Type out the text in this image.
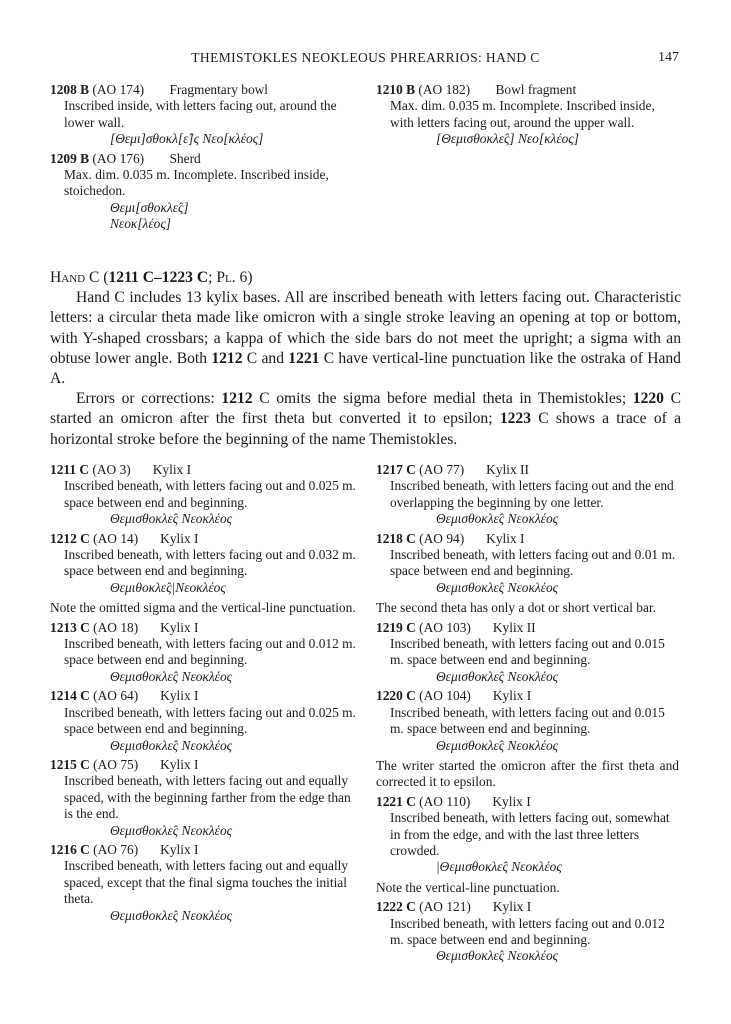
THEMISTOKLES NEOKLEOUS PHREARRIOS: HAND C	147
1208 B (AO 174) Fragmentary bowl
Inscribed inside, with letters facing out, around the lower wall.
[Θεμι]σθοκλ[ε̂]ς Νεο[κλέος]
1209 B (AO 176) Sherd
Max. dim. 0.035 m. Incomplete. Inscribed inside, stoichedon.
Θεμι[σθοκλε̂ς]
Νεοκ[λέος]
1210 B (AO 182) Bowl fragment
Max. dim. 0.035 m. Incomplete. Inscribed inside, with letters facing out, around the upper wall.
[Θεμισθοκλε̂ς] Νεο[κλέος]
Hand C (1211 C–1223 C; Pl. 6)

Hand C includes 13 kylix bases. All are inscribed beneath with letters facing out. Characteristic letters: a circular theta made like omicron with a single stroke leaving an opening at top or bottom, with Y-shaped crossbars; a kappa of which the side bars do not meet the upright; a sigma with an obtuse lower angle. Both 1212 C and 1221 C have vertical-line punctuation like the ostraka of Hand A.

Errors or corrections: 1212 C omits the sigma before medial theta in Themistokles; 1220 C started an omicron after the first theta but converted it to epsilon; 1223 C shows a trace of a horizontal stroke before the beginning of the name Themistokles.

1211 C (AO 3) Kylix I
Inscribed beneath, with letters facing out and 0.025 m. space between end and beginning.
Θεμισθοκλε̂ς Νεοκλέος
1212 C (AO 14) Kylix I
Inscribed beneath, with letters facing out and 0.032 m. space between end and beginning.
Θεμιθοκλε̂ς|Νεοκλέος
Note the omitted sigma and the vertical-line punctuation.
1213 C (AO 18) Kylix I
Inscribed beneath, with letters facing out and 0.012 m. space between end and beginning.
Θεμισθοκλε̂ς Νεοκλέος
1214 C (AO 64) Kylix I
Inscribed beneath, with letters facing out and 0.025 m. space between end and beginning.
Θεμισθοκλε̂ς Νεοκλέος
1215 C (AO 75) Kylix I
Inscribed beneath, with letters facing out and equally spaced, with the beginning farther from the edge than is the end.
Θεμισθοκλε̂ς Νεοκλέος
1216 C (AO 76) Kylix I
Inscribed beneath, with letters facing out and equally spaced, except that the final sigma touches the initial theta.
Θεμισθοκλε̂ς Νεοκλέος
1217 C (AO 77) Kylix II
Inscribed beneath, with letters facing out and the end overlapping the beginning by one letter.
Θεμισθοκλε̂ς Νεοκλέος
1218 C (AO 94) Kylix I
Inscribed beneath, with letters facing out and 0.01 m. space between end and beginning.
Θεμισθοκλε̂ς Νεοκλέος
The second theta has only a dot or short vertical bar.
1219 C (AO 103) Kylix II
Inscribed beneath, with letters facing out and 0.015 m. space between end and beginning.
Θεμισθοκλε̂ς Νεοκλέος
1220 C (AO 104) Kylix I
Inscribed beneath, with letters facing out and 0.015 m. space between end and beginning.
Θεμισθοκλε̂ς Νεοκλέος
The writer started the omicron after the first theta and corrected it to epsilon.
1221 C (AO 110) Kylix I
Inscribed beneath, with letters facing out, somewhat in from the edge, and with the last three letters crowded.
|Θεμισθοκλε̂ς Νεοκλέος
Note the vertical-line punctuation.
1222 C (AO 121) Kylix I
Inscribed beneath, with letters facing out and 0.012 m. space between end and beginning.
Θεμισθοκλε̂ς Νεοκλέος
